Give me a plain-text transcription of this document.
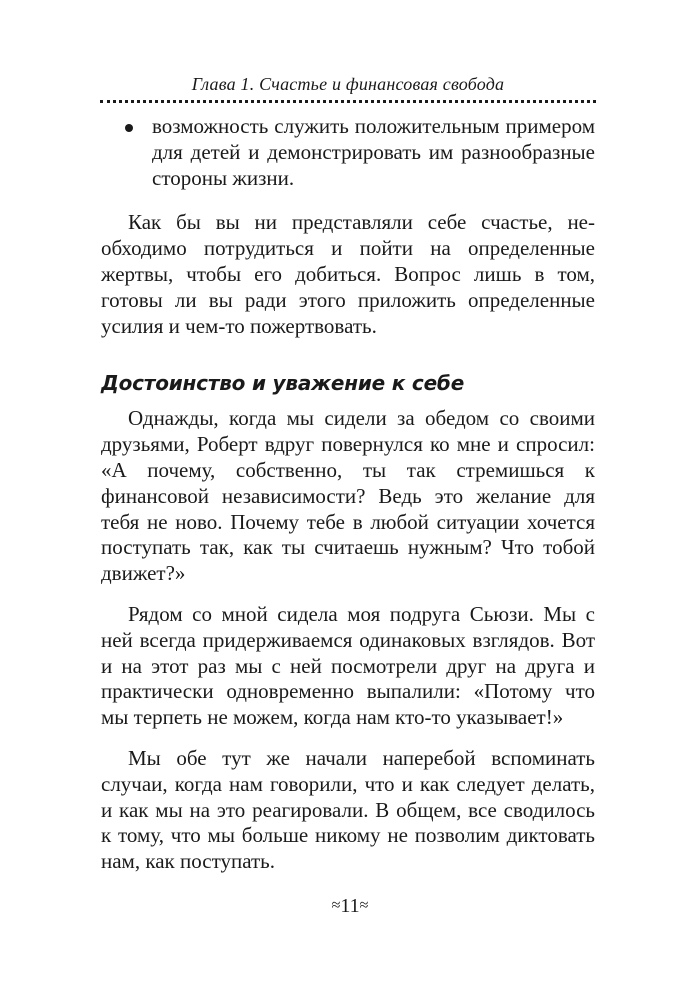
Глава 1. Счастье и финансовая свобода
возможность служить положительным примером для детей и демонстрировать им разнообразные стороны жизни.

Как бы вы ни представляли себе счастье, необходимо потрудиться и пойти на определенные жертвы, чтобы его добиться. Вопрос лишь в том, готовы ли вы ради этого приложить определенные усилия и чем-то пожертвовать.

Достоинство и уважение к себе

Однажды, когда мы сидели за обедом со своими друзьями, Роберт вдруг повернулся ко мне и спросил: «А почему, собственно, ты так стремишься к финансовой независимости? Ведь это желание для тебя не ново. Почему тебе в любой ситуации хочется поступать так, как ты считаешь нужным? Что тобой движет?»

Рядом со мной сидела моя подруга Сьюзи. Мы с ней всегда придерживаемся одинаковых взглядов. Вот и на этот раз мы с ней посмотрели друг на друга и практически одновременно выпалили: «Потому что мы терпеть не можем, когда нам кто-то указывает!»

Мы обе тут же начали наперебой вспоминать случаи, когда нам говорили, что и как следует делать, и как мы на это реагировали. В общем, все сводилось к тому, что мы больше никому не позволим диктовать нам, как поступать.

≈11≈
